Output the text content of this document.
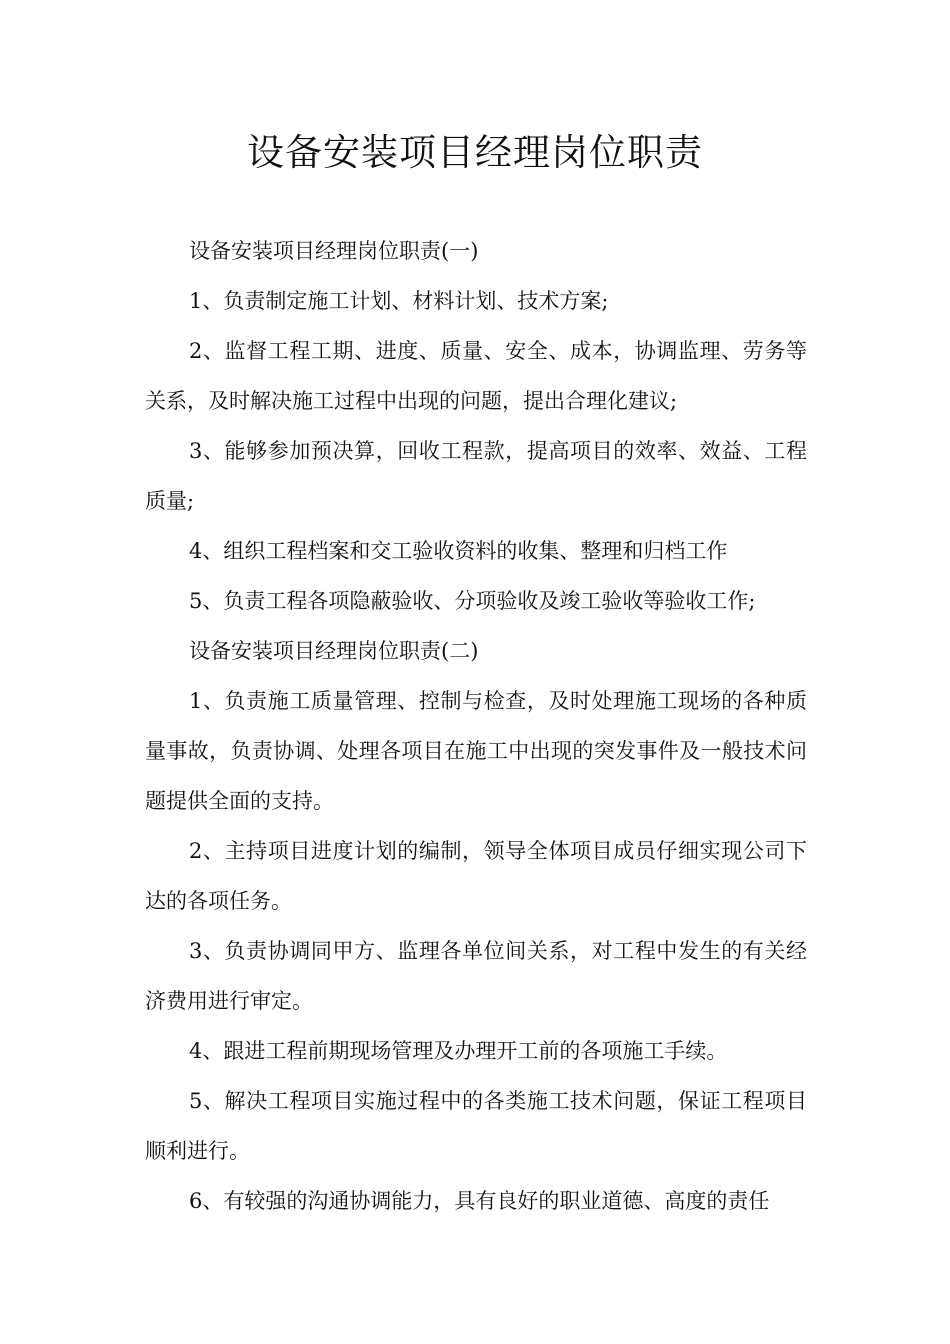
设备安装项目经理岗位职责

设备安装项目经理岗位职责(一)

1、负责制定施工计划、材料计划、技术方案;

2、监督工程工期、进度、质量、安全、成本，协调监理、劳务等关系，及时解决施工过程中出现的问题，提出合理化建议;

3、能够参加预决算，回收工程款，提高项目的效率、效益、工程质量;

4、组织工程档案和交工验收资料的收集、整理和归档工作

5、负责工程各项隐蔽验收、分项验收及竣工验收等验收工作;

设备安装项目经理岗位职责(二)

1、负责施工质量管理、控制与检查，及时处理施工现场的各种质量事故，负责协调、处理各项目在施工中出现的突发事件及一般技术问题提供全面的支持。

2、主持项目进度计划的编制，领导全体项目成员仔细实现公司下达的各项任务。

3、负责协调同甲方、监理各单位间关系，对工程中发生的有关经济费用进行审定。

4、跟进工程前期现场管理及办理开工前的各项施工手续。

5、解决工程项目实施过程中的各类施工技术问题，保证工程项目顺利进行。

6、有较强的沟通协调能力，具有良好的职业道德、高度的责任
